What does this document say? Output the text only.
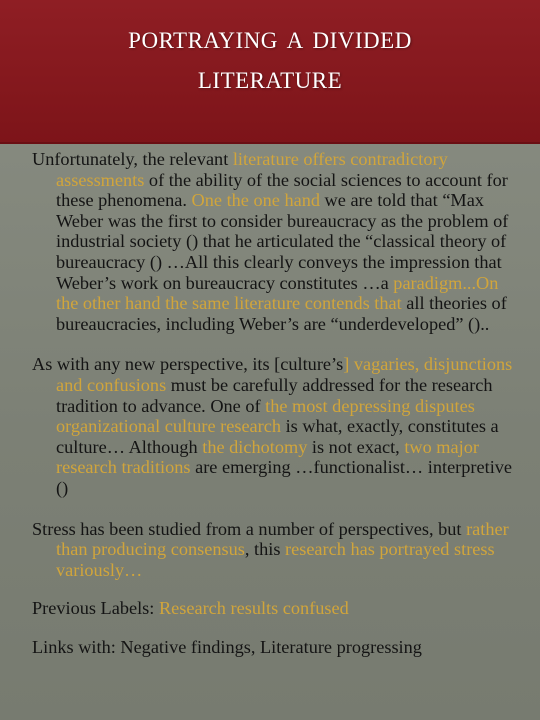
portraying a divided
literature

Unfortunately, the relevant literature offers contradictory assessments of the ability of the social sciences to account for these phenomena. One the one hand we are told that “Max Weber was the first to consider bureaucracy as the problem of industrial society () that he articulated the “classical theory of bureaucracy () …All this clearly conveys the impression that Weber’s work on bureaucracy constitutes …a paradigm...On the other hand the same literature contends that all theories of bureaucracies, including Weber’s are “underdeveloped” ()..

As with any new perspective, its [culture’s] vagaries, disjunctions and confusions must be carefully addressed for the research tradition to advance. One of the most depressing disputes organizational culture research is what, exactly, constitutes a culture… Although the dichotomy is not exact, two major research traditions are emerging …functionalist… interpretive ()

Stress has been studied from a number of perspectives, but rather than producing consensus, this research has portrayed stress variously…

Previous Labels: Research results confused

Links with: Negative findings, Literature progressing
